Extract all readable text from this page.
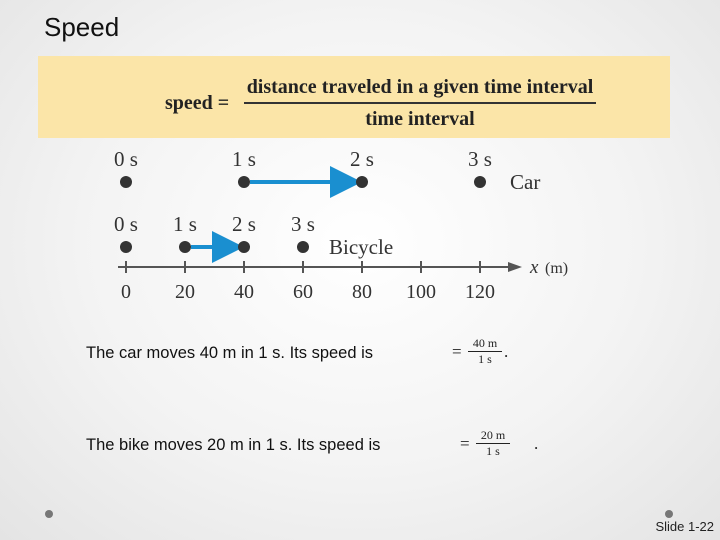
Speed
speed =
distance traveled in a given time interval
time interval
0 s	1 s	2 s	3 s
Car
0 s 1 s 2 s 3 s
Bicycle
0 20 40 60 80 100 120
x (m)
The car moves 40 m in 1 s. Its speed is	= 40 m
1 s .
The bike moves 20 m in 1 s. Its speed is	= 20 m
1 s	.
Slide 1-22
